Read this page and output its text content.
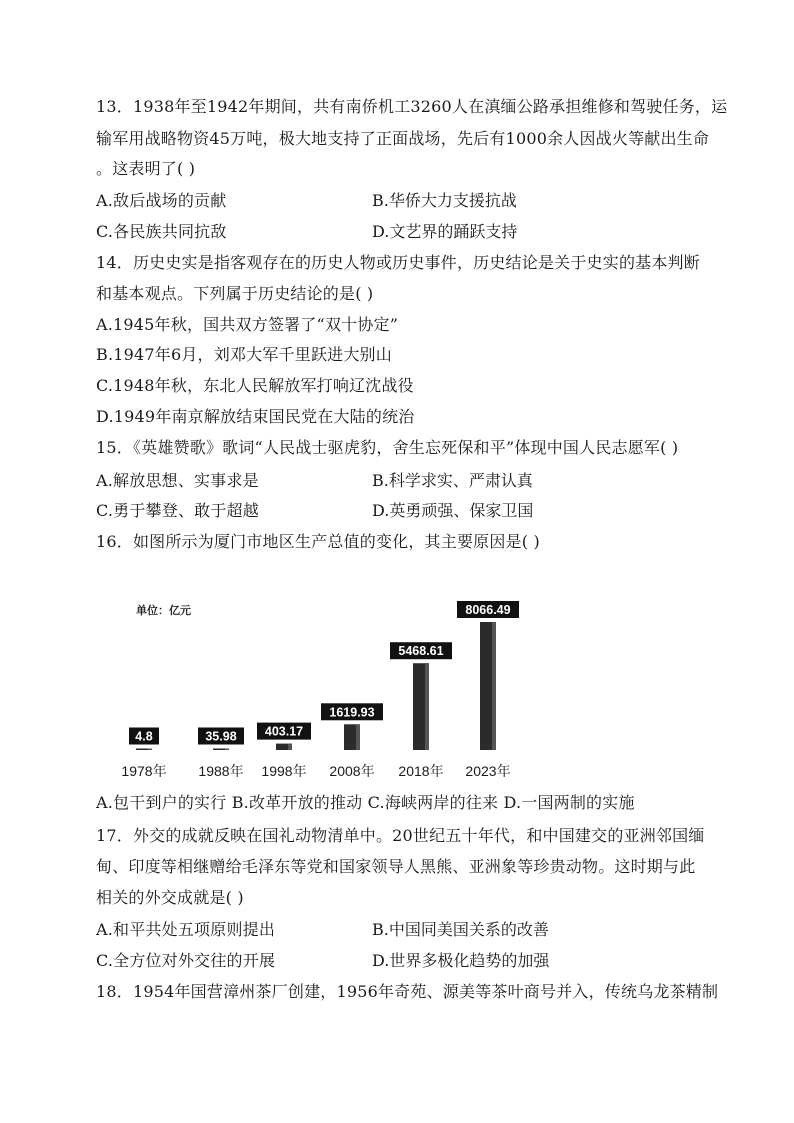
13．1938年至1942年期间，共有南侨机工3260人在滇缅公路承担维修和驾驶任务，运
输军用战略物资45万吨，极大地支持了正面战场，先后有1000余人因战火等献出生命
。这表明了( )
A.敌后战场的贡献	B.华侨大力支援抗战
C.各民族共同抗敌	D.文艺界的踊跃支持
14．历史史实是指客观存在的历史人物或历史事件，历史结论是关于史实的基本判断
和基本观点。下列属于历史结论的是( )
A.1945年秋，国共双方签署了“双十协定”
B.1947年6月，刘邓大军千里跃进大别山
C.1948年秋，东北人民解放军打响辽沈战役
D.1949年南京解放结束国民党在大陆的统治
15．《英雄赞歌》歌词“人民战士驱虎豹，舍生忘死保和平”体现中国人民志愿军( )
A.解放思想、实事求是	B.科学求实、严肃认真
C.勇于攀登、敢于超越	D.英勇顽强、保家卫国
16．如图所示为厦门市地区生产总值的变化，其主要原因是( )
单位：亿元
4.8
1978年
35.98
1988年
403.17
1998年
1619.93
2008年
5468.61
2018年
8066.49
2023年
A.包干到户的实行 B.改革开放的推动 C.海峡两岸的往来 D.一国两制的实施
17．外交的成就反映在国礼动物清单中。20世纪五十年代，和中国建交的亚洲邻国缅
甸、印度等相继赠给毛泽东等党和国家领导人黑熊、亚洲象等珍贵动物。这时期与此
相关的外交成就是( )
A.和平共处五项原则提出	B.中国同美国关系的改善
C.全方位对外交往的开展	D.世界多极化趋势的加强
18．1954年国营漳州茶厂创建，1956年奇苑、源美等茶叶商号并入，传统乌龙茶精制
